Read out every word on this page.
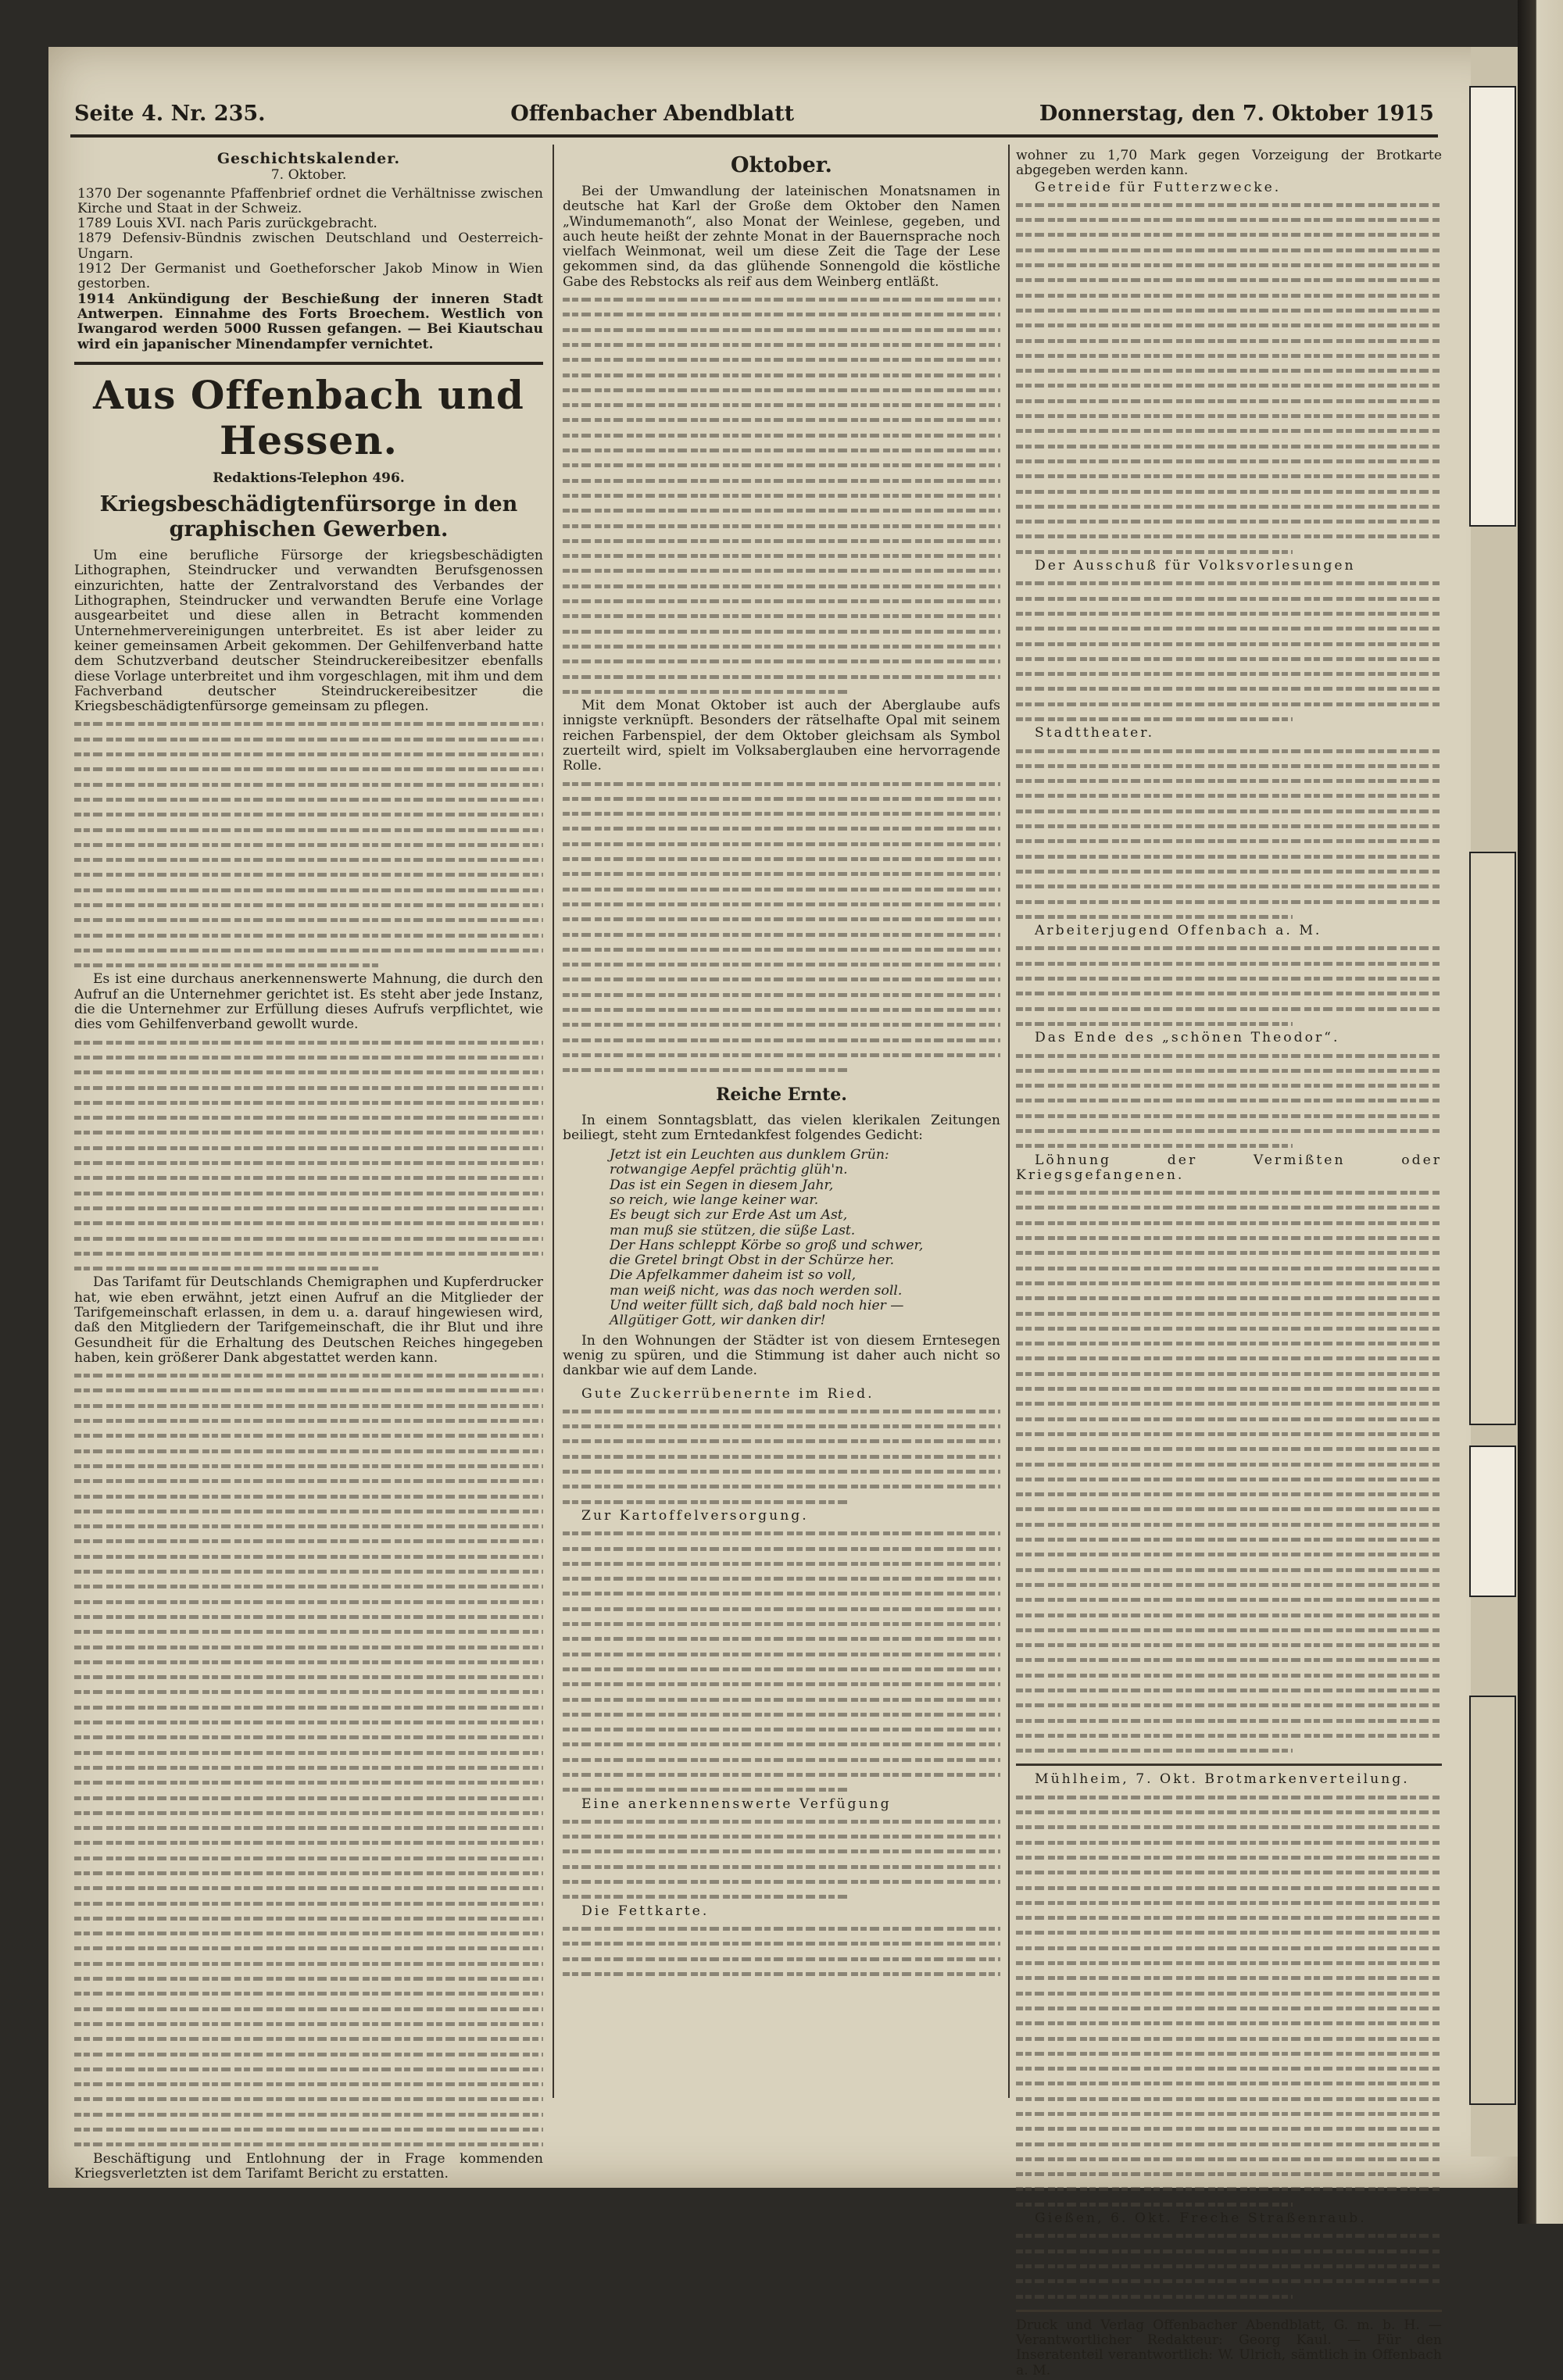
Seite 4. Nr. 235.	Offenbacher Abendblatt	Donnerstag, den 7. Oktober 1915
Geschichtskalender.
7. Oktober.
1370 Der sogenannte Pfaffenbrief ordnet die Verhältnisse zwischen Kirche und Staat in der Schweiz.
1789 Louis XVI. nach Paris zurückgebracht.
1879 Defensiv-Bündnis zwischen Deutschland und Oesterreich-Ungarn.
1912 Der Germanist und Goetheforscher Jakob Minow in Wien gestorben.
1914 Ankündigung der Beschießung der inneren Stadt Antwerpen. Einnahme des Forts Broechem. Westlich von Iwangarod werden 5000 Russen gefangen. — Bei Kiautschau wird ein japanischer Minendampfer vernichtet.
Aus Offenbach und Hessen.
Redaktions-Telephon 496.
Kriegsbeschädigtenfürsorge in den graphischen Gewerben.

Um eine berufliche Fürsorge der kriegsbeschädigten Lithographen, Steindrucker und verwandten Berufsgenossen einzurichten, hatte der Zentralvorstand des Verbandes der Lithographen, Steindrucker und verwandten Berufe eine Vorlage ausgearbeitet und diese allen in Betracht kommenden Unternehmervereinigungen unterbreitet. Es ist aber leider zu keiner gemeinsamen Arbeit gekommen. Der Gehilfenverband hatte dem Schutzverband deutscher Steindruckereibesitzer ebenfalls diese Vorlage unterbreitet und ihm vorgeschlagen, mit ihm und dem Fachverband deutscher Steindruckereibesitzer die Kriegsbeschädigtenfürsorge gemeinsam zu pflegen.

Es ist eine durchaus anerkennenswerte Mahnung, die durch den Aufruf an die Unternehmer gerichtet ist. Es steht aber jede Instanz, die die Unternehmer zur Erfüllung dieses Aufrufs verpflichtet, wie dies vom Gehilfenverband gewollt wurde.

Das Tarifamt für Deutschlands Chemigraphen und Kupferdrucker hat, wie eben erwähnt, jetzt einen Aufruf an die Mitglieder der Tarifgemeinschaft erlassen, in dem u. a. darauf hingewiesen wird, daß den Mitgliedern der Tarifgemeinschaft, die ihr Blut und ihre Gesundheit für die Erhaltung des Deutschen Reiches hingegeben haben, kein größerer Dank abgestattet werden kann.

Beschäftigung und Entlohnung der in Frage kommenden Kriegsverletzten ist dem Tarifamt Bericht zu erstatten.

Oktober.

Bei der Umwandlung der lateinischen Monatsnamen in deutsche hat Karl der Große dem Oktober den Namen „Windumemanoth“, also Monat der Weinlese, gegeben, und auch heute heißt der zehnte Monat in der Bauernsprache noch vielfach Weinmonat, weil um diese Zeit die Tage der Lese gekommen sind, da das glühende Sonnengold die köstliche Gabe des Rebstocks als reif aus dem Weinberg entläßt.

Mit dem Monat Oktober ist auch der Aberglaube aufs innigste verknüpft. Besonders der rätselhafte Opal mit seinem reichen Farbenspiel, der dem Oktober gleichsam als Symbol zuerteilt wird, spielt im Volksaberglauben eine hervorragende Rolle.

Reiche Ernte.

In einem Sonntagsblatt, das vielen klerikalen Zeitungen beiliegt, steht zum Erntedankfest folgendes Gedicht:

Jetzt ist ein Leuchten aus dunklem Grün:
rotwangige Aepfel prächtig glüh'n.
Das ist ein Segen in diesem Jahr,
so reich, wie lange keiner war.
Es beugt sich zur Erde Ast um Ast,
man muß sie stützen, die süße Last.
Der Hans schleppt Körbe so groß und schwer,
die Gretel bringt Obst in der Schürze her.
Die Apfelkammer daheim ist so voll,
man weiß nicht, was das noch werden soll.
Und weiter füllt sich, daß bald noch hier —
Allgütiger Gott, wir danken dir!

In den Wohnungen der Städter ist von diesem Erntesegen wenig zu spüren, und die Stimmung ist daher auch nicht so dankbar wie auf dem Lande.

Gute Zuckerrübenernte im Ried.

Zur Kartoffelversorgung.

Eine anerkennenswerte Verfügung

Die Fettkarte.

wohner zu 1,70 Mark gegen Vorzeigung der Brotkarte abgegeben werden kann.

Getreide für Futterzwecke.

Der Ausschuß für Volksvorlesungen

Stadttheater.

Arbeiterjugend Offenbach a. M.

Das Ende des „schönen Theodor“.

Löhnung der Vermißten oder Kriegsgefangenen.

Mühlheim, 7. Okt. Brotmarkenverteilung.

Gießen, 6. Okt. Freche Straßenraub.

Druck und Verlag Offenbacher Abendblatt, G. m. b. H. — Verantwortlicher Redakteur: Georg Kaul. — Für den Inseratenteil verantwortlich: W. Ulrich, sämtlich in Offenbach a. M.
